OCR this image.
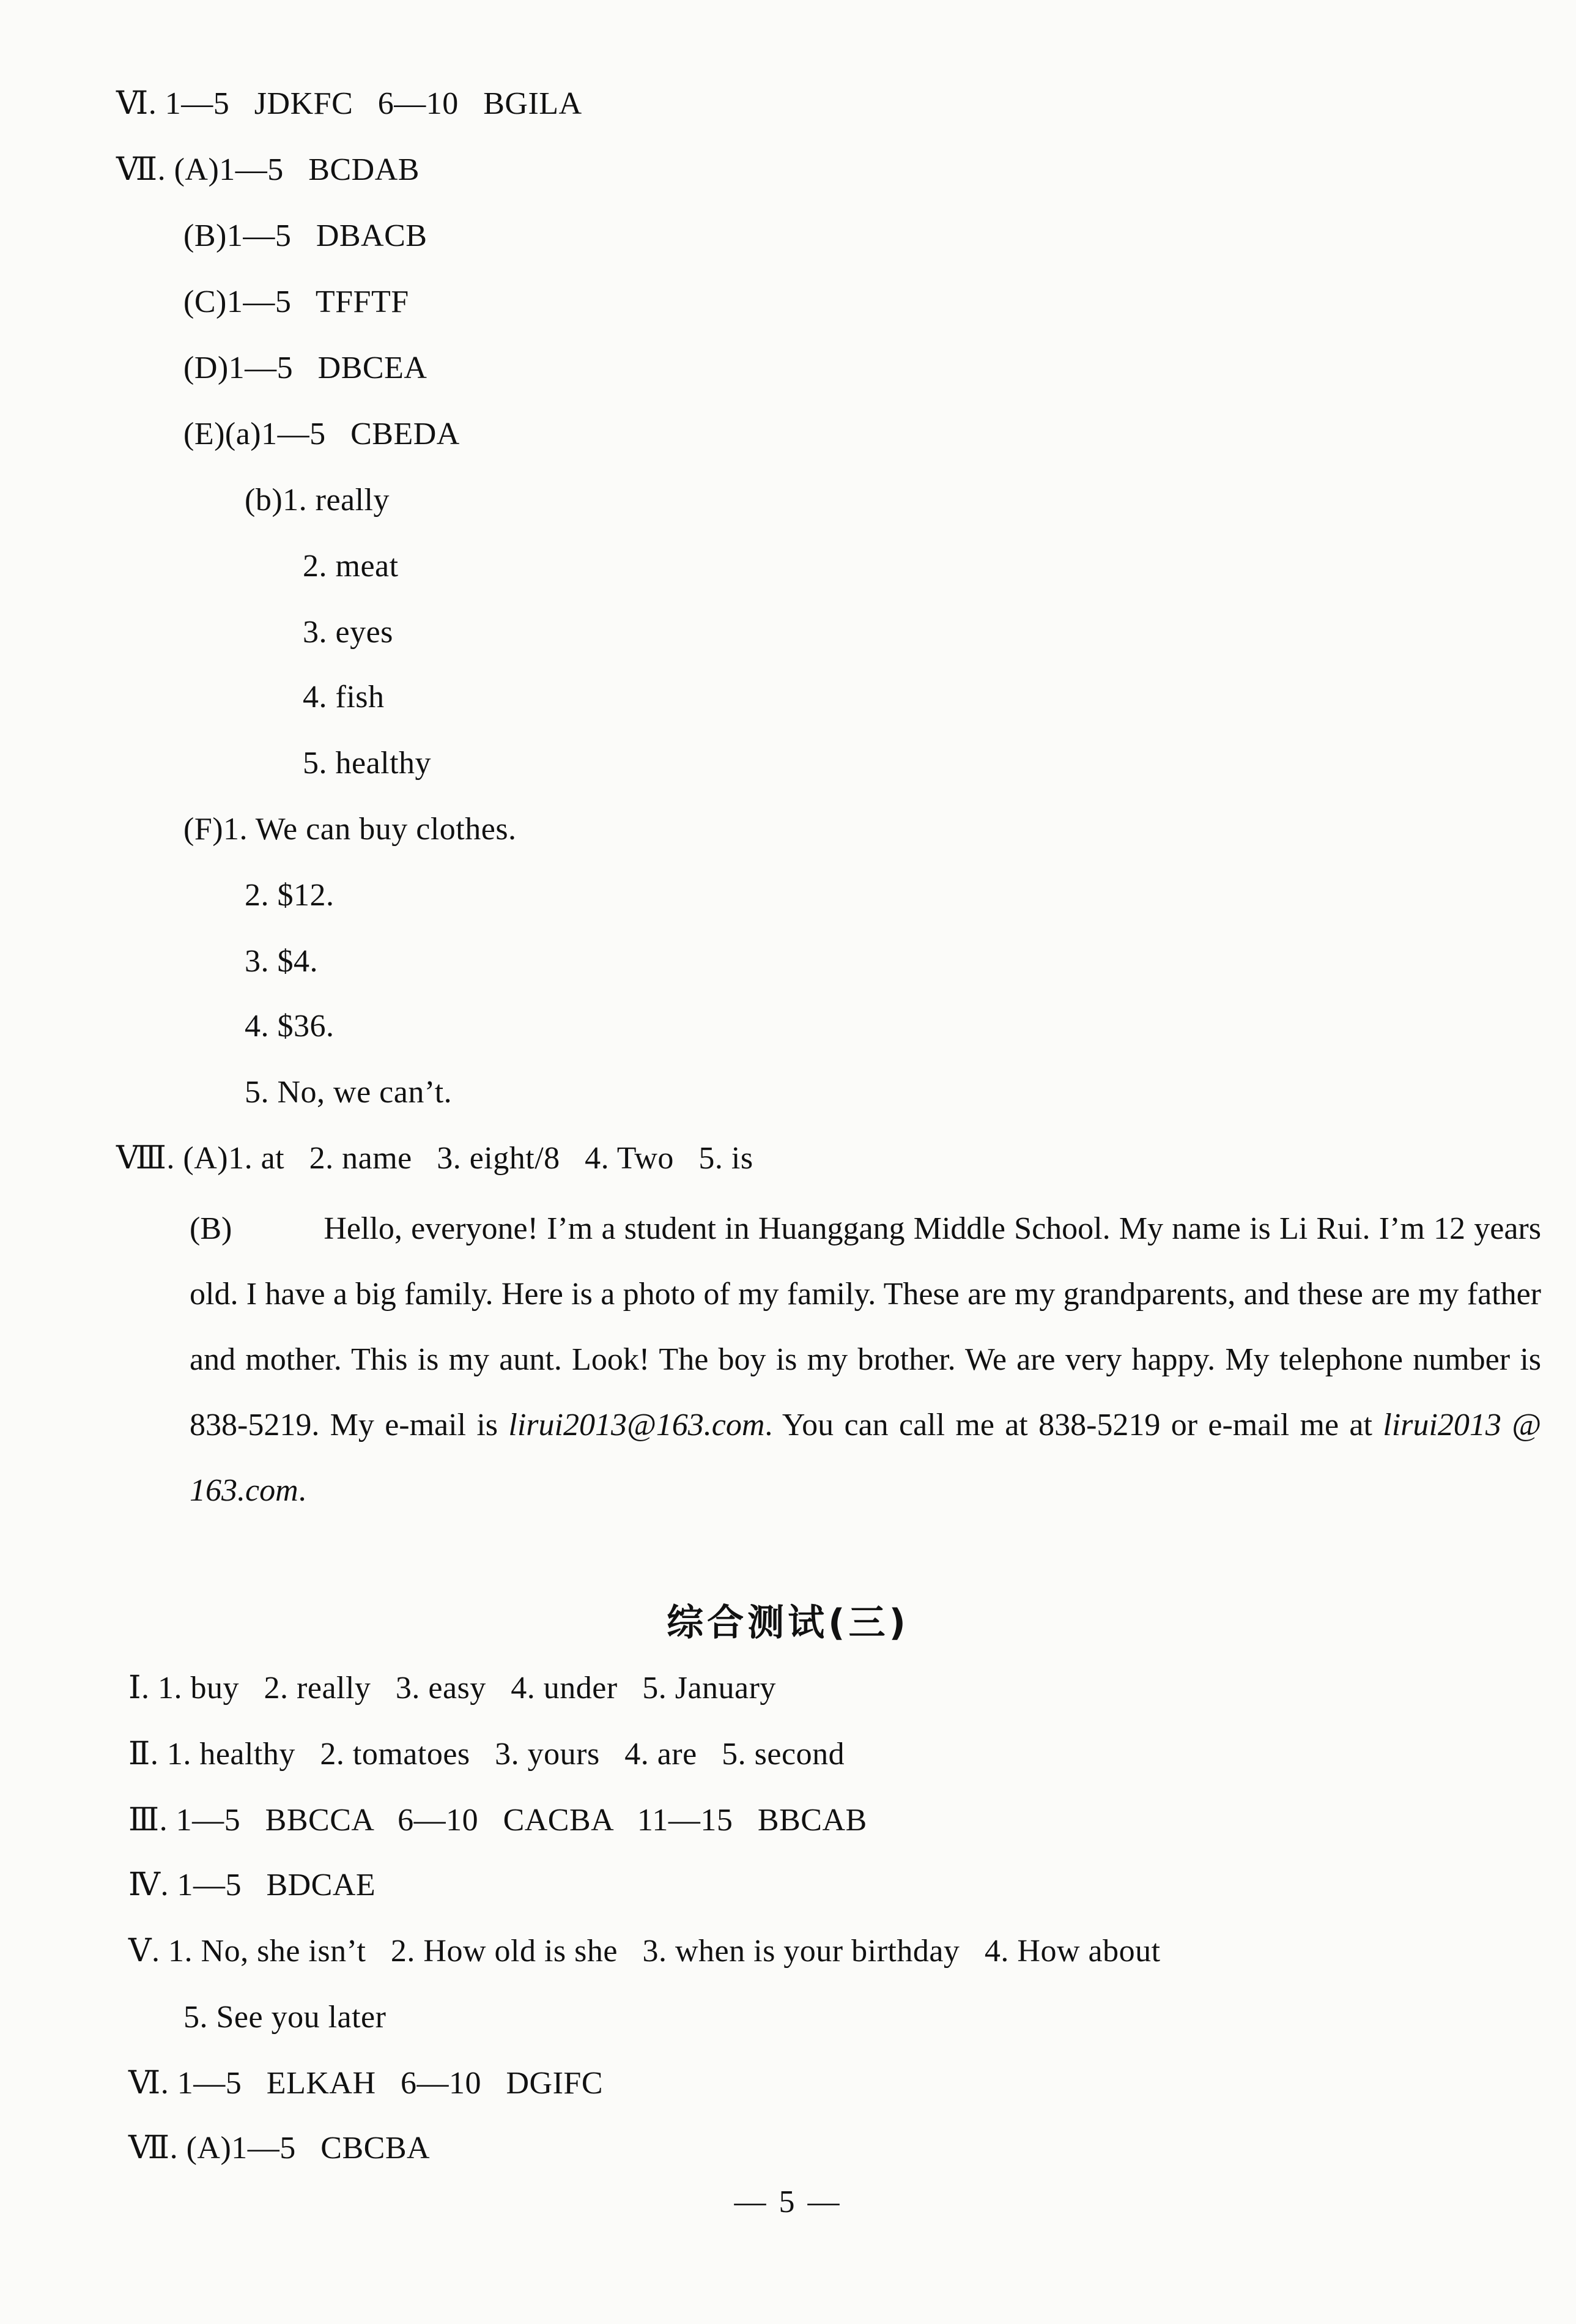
Ⅵ. 1—5   JDKFC   6—10   BGILA
Ⅶ. (A)1—5   BCDAB
(B)1—5   DBACB
(C)1—5   TFFTF
(D)1—5   DBCEA
(E)(a)1—5   CBEDA
(b)1. really
2. meat
3. eyes
4. fish
5. healthy
(F)1. We can buy clothes.
2. $12.
3. $4.
4. $36.
5. No, we can’t.
Ⅷ. (A)1. at   2. name   3. eight/8   4. Two   5. is
(B)	Hello, everyone! I’m a student in Huanggang Middle School. My name is Li Rui. I’m 12 years old. I have a big family. Here is a photo of my family. These are my grandparents, and these are my father and mother. This is my aunt. Look! The boy is my brother. We are very happy. My telephone number is 838-5219. My e-mail is lirui2013@163.com. You can call me at 838-5219 or e-mail me at lirui2013 @ 163.com.
综合测试(三)
Ⅰ. 1. buy   2. really   3. easy   4. under   5. January
Ⅱ. 1. healthy   2. tomatoes   3. yours   4. are   5. second
Ⅲ. 1—5   BBCCA   6—10   CACBA   11—15   BBCAB
Ⅳ. 1—5   BDCAE
Ⅴ. 1. No, she isn’t   2. How old is she   3. when is your birthday   4. How about
5. See you later
Ⅵ. 1—5   ELKAH   6—10   DGIFC
Ⅶ. (A)1—5   CBCBA
— 5 —
